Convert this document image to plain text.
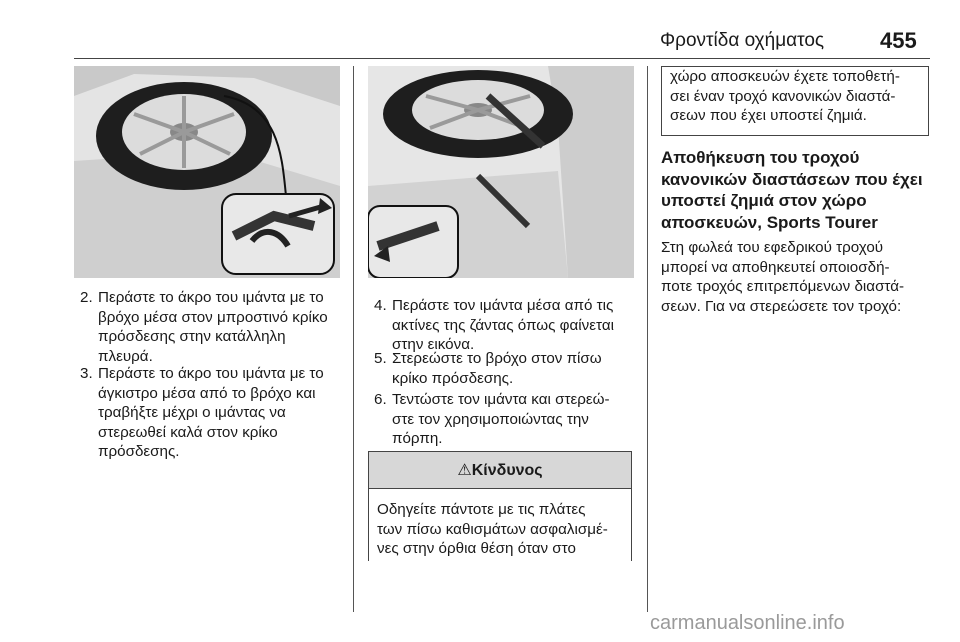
Φροντίδα οχήματος	455
2. Περάστε το άκρο του ιμάντα με το
βρόχο μέσα στον μπροστινό κρίκο
πρόσδεσης στην κατάλληλη
πλευρά.
3. Περάστε το άκρο του ιμάντα με το
άγκιστρο μέσα από το βρόχο και
τραβήξτε μέχρι ο ιμάντας να
στερεωθεί καλά στον κρίκο
πρόσδεσης.
4. Περάστε τον ιμάντα μέσα από τις
ακτίνες της ζάντας όπως φαίνεται
στην εικόνα.
5. Στερεώστε το βρόχο στον πίσω
κρίκο πρόσδεσης.
6. Τεντώστε τον ιμάντα και στερεώ-
στε τον χρησιμοποιώντας την
πόρπη.
⚠Κίνδυνος
Οδηγείτε πάντοτε με τις πλάτες
των πίσω καθισμάτων ασφαλισμέ-
νες στην όρθια θέση όταν στο
χώρο αποσκευών έχετε τοποθετή-
σει έναν τροχό κανονικών διαστά-
σεων που έχει υποστεί ζημιά.
Αποθήκευση του τροχού
κανονικών διαστάσεων που έχει
υποστεί ζημιά στον χώρο
αποσκευών, Sports Tourer
Στη φωλεά του εφεδρικού τροχού
μπορεί να αποθηκευτεί οποιοσδή-
ποτε τροχός επιτρεπόμενων διαστά-
σεων. Για να στερεώσετε τον τροχό:
carmanualsonline.info
